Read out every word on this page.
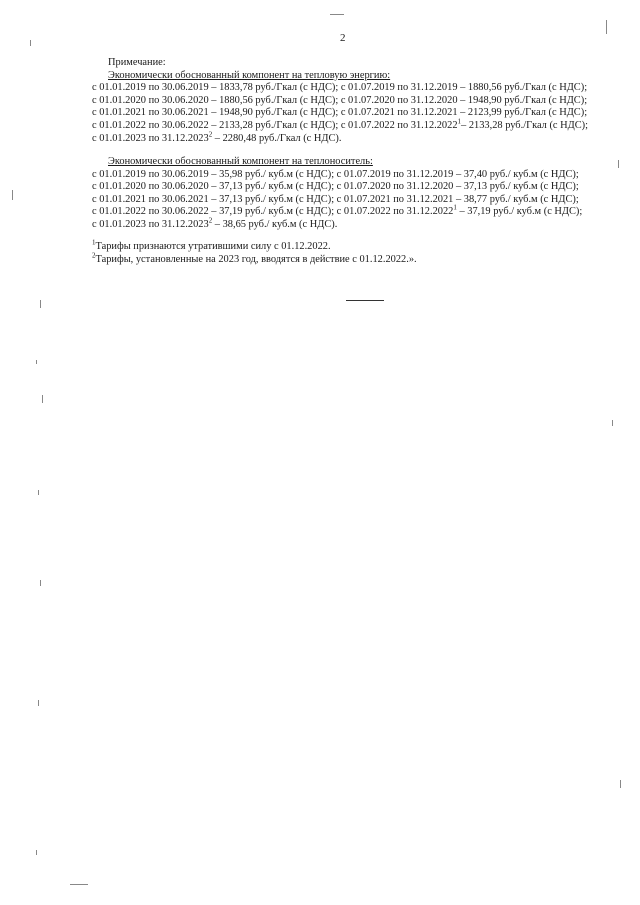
2
Примечание:
Экономически обоснованный компонент на тепловую энергию:
с 01.01.2019 по 30.06.2019 – 1833,78 руб./Гкал (с НДС); с 01.07.2019 по 31.12.2019 – 1880,56 руб./Гкал (с НДС);
с 01.01.2020 по 30.06.2020 – 1880,56 руб./Гкал (с НДС); с 01.07.2020 по 31.12.2020 – 1948,90 руб./Гкал (с НДС);
с 01.01.2021 по 30.06.2021 – 1948,90 руб./Гкал (с НДС); с 01.07.2021 по 31.12.2021 – 2123,99 руб./Гкал (с НДС);
с 01.01.2022 по 30.06.2022 – 2133,28 руб./Гкал (с НДС); с 01.07.2022 по 31.12.2022$^1$– 2133,28 руб./Гкал (с НДС);
с 01.01.2023 по 31.12.2023$^2$ – 2280,48 руб./Гкал (с НДС).
Экономически обоснованный компонент на теплоноситель:
с 01.01.2019 по 30.06.2019 – 35,98 руб./ куб.м (с НДС); с 01.07.2019 по 31.12.2019 – 37,40 руб./ куб.м (с НДС);
с 01.01.2020 по 30.06.2020 – 37,13 руб./ куб.м (с НДС); с 01.07.2020 по 31.12.2020 – 37,13 руб./ куб.м (с НДС);
с 01.01.2021 по 30.06.2021 – 37,13 руб./ куб.м (с НДС); с 01.07.2021 по 31.12.2021 – 38,77 руб./ куб.м (с НДС);
с 01.01.2022 по 30.06.2022 – 37,19 руб./ куб.м (с НДС); с 01.07.2022 по 31.12.2022$^1$ – 37,19 руб./ куб.м (с НДС);
с 01.01.2023 по 31.12.2023$^2$ – 38,65 руб./ куб.м (с НДС).
$^1$Тарифы признаются утратившими силу с 01.12.2022.
$^2$Тарифы, установленные на 2023 год, вводятся в действие с 01.12.2022.».
